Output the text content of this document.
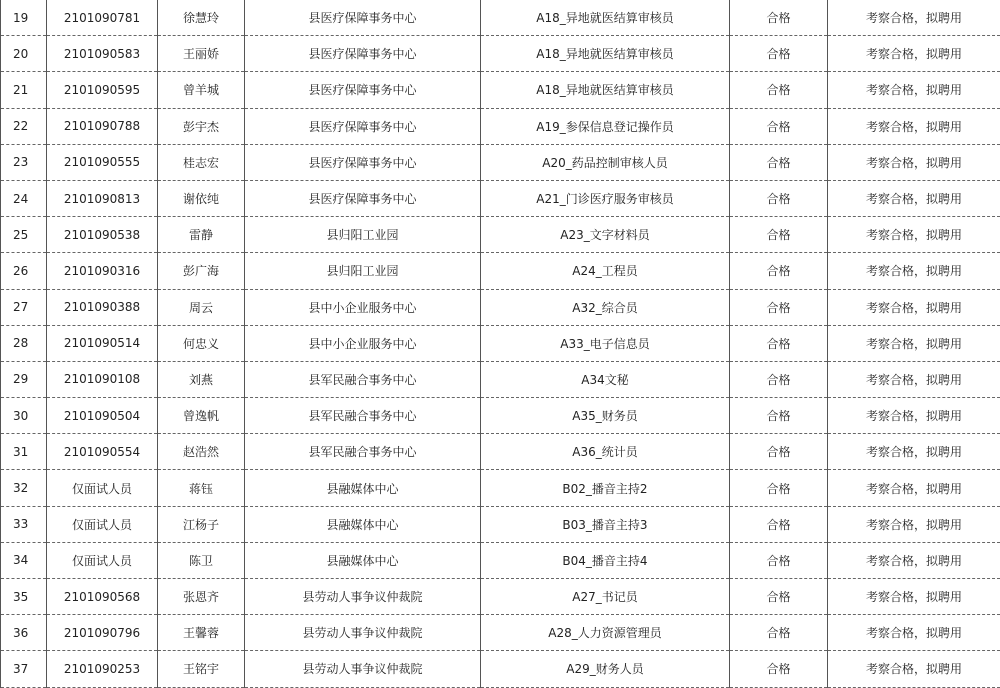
19	2101090781	徐慧玲	县医疗保障事务中心	A18_异地就医结算审核员	合格	考察合格，拟聘用
20	2101090583	王丽娇	县医疗保障事务中心	A18_异地就医结算审核员	合格	考察合格，拟聘用
21	2101090595	曾羊城	县医疗保障事务中心	A18_异地就医结算审核员	合格	考察合格，拟聘用
22	2101090788	彭宇杰	县医疗保障事务中心	A19_参保信息登记操作员	合格	考察合格，拟聘用
23	2101090555	桂志宏	县医疗保障事务中心	A20_药品控制审核人员	合格	考察合格，拟聘用
24	2101090813	谢依纯	县医疗保障事务中心	A21_门诊医疗服务审核员	合格	考察合格，拟聘用
25	2101090538	雷静	县归阳工业园	A23_文字材料员	合格	考察合格，拟聘用
26	2101090316	彭广海	县归阳工业园	A24_工程员	合格	考察合格，拟聘用
27	2101090388	周云	县中小企业服务中心	A32_综合员	合格	考察合格，拟聘用
28	2101090514	何忠义	县中小企业服务中心	A33_电子信息员	合格	考察合格，拟聘用
29	2101090108	刘燕	县军民融合事务中心	A34文秘	合格	考察合格，拟聘用
30	2101090504	曾逸帆	县军民融合事务中心	A35_财务员	合格	考察合格，拟聘用
31	2101090554	赵浩然	县军民融合事务中心	A36_统计员	合格	考察合格，拟聘用
32	仅面试人员	蒋钰	县融媒体中心	B02_播音主持2	合格	考察合格，拟聘用
33	仅面试人员	江杨子	县融媒体中心	B03_播音主持3	合格	考察合格，拟聘用
34	仅面试人员	陈卫	县融媒体中心	B04_播音主持4	合格	考察合格，拟聘用
35	2101090568	张恩齐	县劳动人事争议仲裁院	A27_书记员	合格	考察合格，拟聘用
36	2101090796	王馨蓉	县劳动人事争议仲裁院	A28_人力资源管理员	合格	考察合格，拟聘用
37	2101090253	王铭宇	县劳动人事争议仲裁院	A29_财务人员	合格	考察合格，拟聘用
